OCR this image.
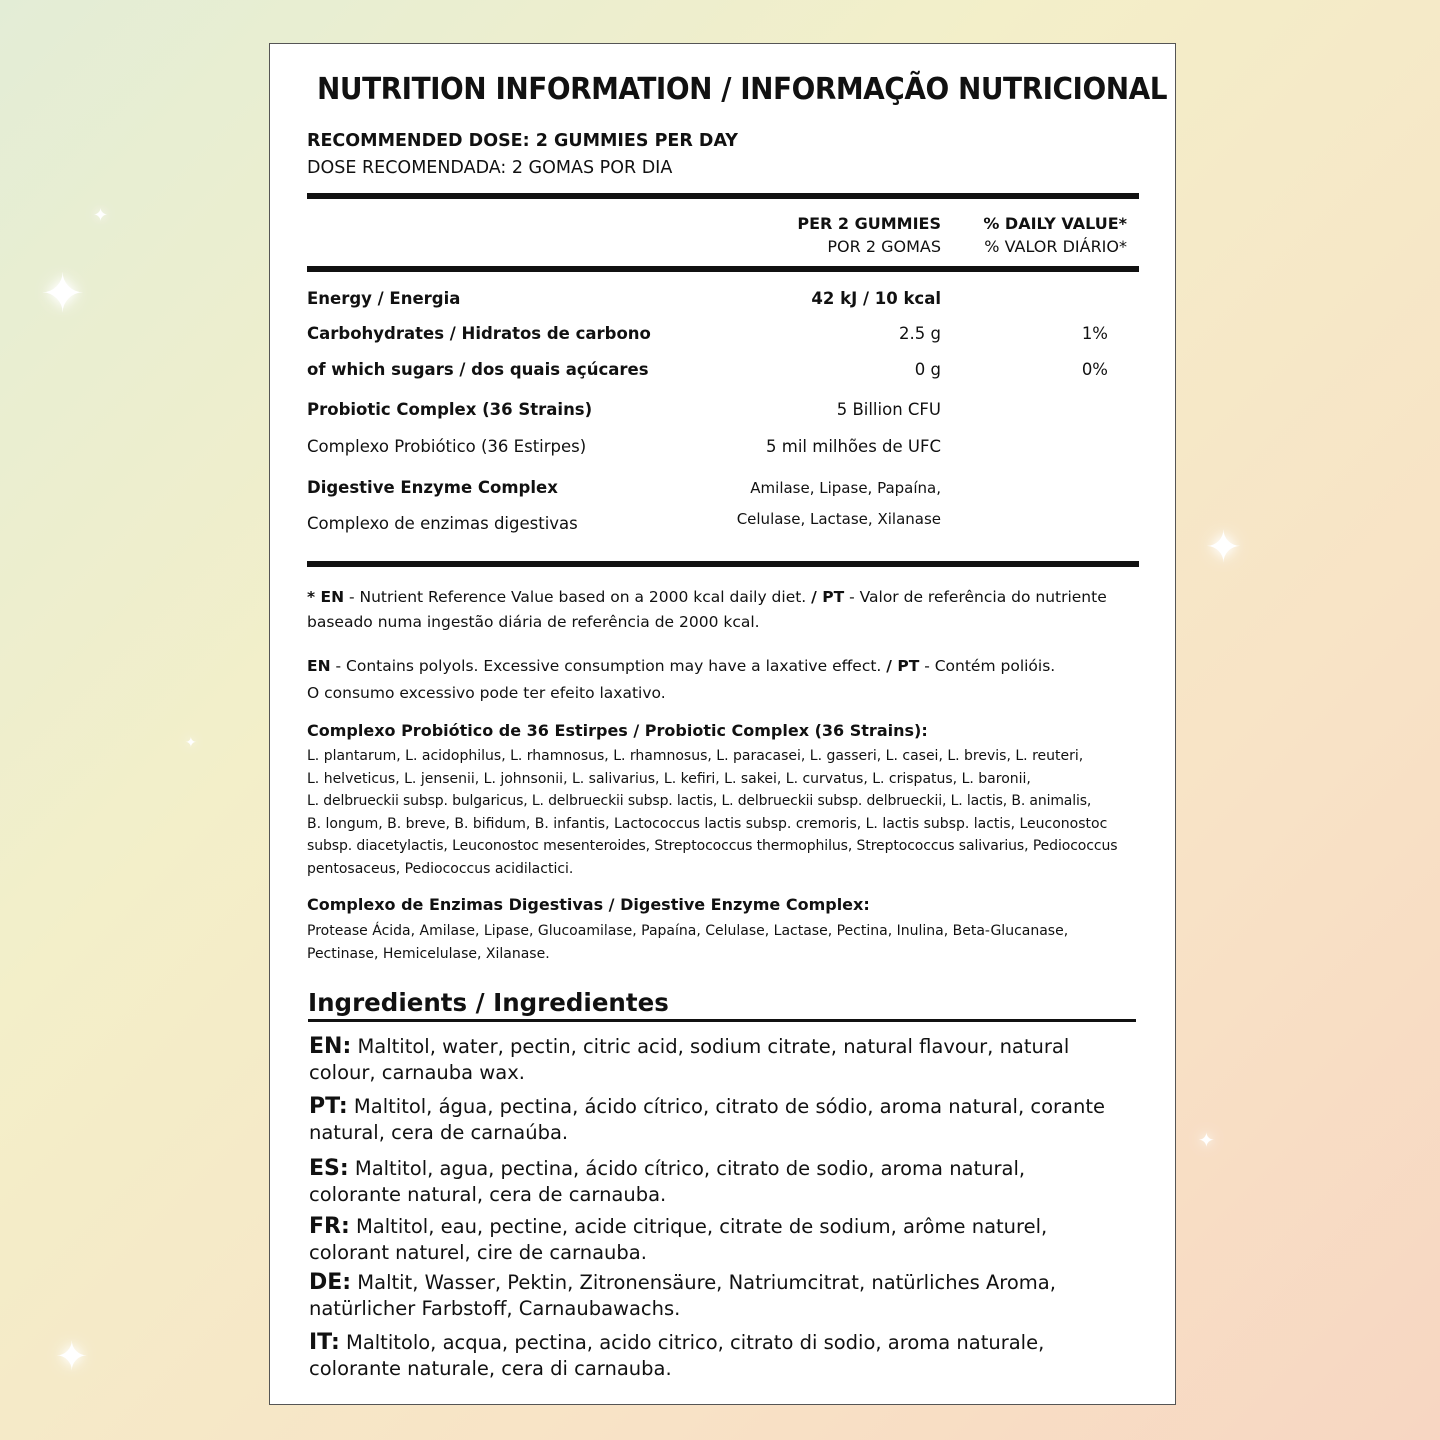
✦
✦
✦
✦
✦
✦
NUTRITION INFORMATION / INFORMAÇÃO NUTRICIONAL
RECOMMENDED DOSE: 2 GUMMIES PER DAY
DOSE RECOMENDADA: 2 GOMAS POR DIA
PER 2 GUMMIES
POR 2 GOMAS
% DAILY VALUE*
% VALOR DIÁRIO*
Energy / Energia	42 kJ / 10 kcal
Carbohydrates / Hidratos de carbono	2.5 g	1%
of which sugars / dos quais açúcares	0 g	0%
Probiotic Complex (36 Strains)	5 Billion CFU
Complexo Probiótico (36 Estirpes)	5 mil milhões de UFC
Digestive Enzyme Complex	Amilase, Lipase, Papaína,
Complexo de enzimas digestivas	Celulase, Lactase, Xilanase
* EN - Nutrient Reference Value based on a 2000 kcal daily diet. / PT - Valor de referência do nutriente
baseado numa ingestão diária de referência de 2000 kcal.
EN - Contains polyols. Excessive consumption may have a laxative effect. / PT - Contém polióis.
O consumo excessivo pode ter efeito laxativo.
Complexo Probiótico de 36 Estirpes / Probiotic Complex (36 Strains):
L. plantarum, L. acidophilus, L. rhamnosus, L. rhamnosus, L. paracasei, L. gasseri, L. casei, L. brevis, L. reuteri,
L. helveticus, L. jensenii, L. johnsonii, L. salivarius, L. kefiri, L. sakei, L. curvatus, L. crispatus, L. baronii,
L. delbrueckii subsp. bulgaricus, L. delbrueckii subsp. lactis, L. delbrueckii subsp. delbrueckii, L. lactis, B. animalis,
B. longum, B. breve, B. bifidum, B. infantis, Lactococcus lactis subsp. cremoris, L. lactis subsp. lactis, Leuconostoc
subsp. diacetylactis, Leuconostoc mesenteroides, Streptococcus thermophilus, Streptococcus salivarius, Pediococcus
pentosaceus, Pediococcus acidilactici.
Complexo de Enzimas Digestivas / Digestive Enzyme Complex:
Protease Ácida, Amilase, Lipase, Glucoamilase, Papaína, Celulase, Lactase, Pectina, Inulina, Beta-Glucanase,
Pectinase, Hemicelulase, Xilanase.
Ingredients / Ingredientes
EN: Maltitol, water, pectin, citric acid, sodium citrate, natural flavour, natural colour, carnauba wax.
PT: Maltitol, água, pectina, ácido cítrico, citrato de sódio, aroma natural, corante natural, cera de carnaúba.
ES: Maltitol, agua, pectina, ácido cítrico, citrato de sodio, aroma natural, colorante natural, cera de carnauba.
FR: Maltitol, eau, pectine, acide citrique, citrate de sodium, arôme naturel, colorant naturel, cire de carnauba.
DE: Maltit, Wasser, Pektin, Zitronensäure, Natriumcitrat, natürliches Aroma, natürlicher Farbstoff, Carnaubawachs.
IT: Maltitolo, acqua, pectina, acido citrico, citrato di sodio, aroma naturale, colorante naturale, cera di carnauba.
